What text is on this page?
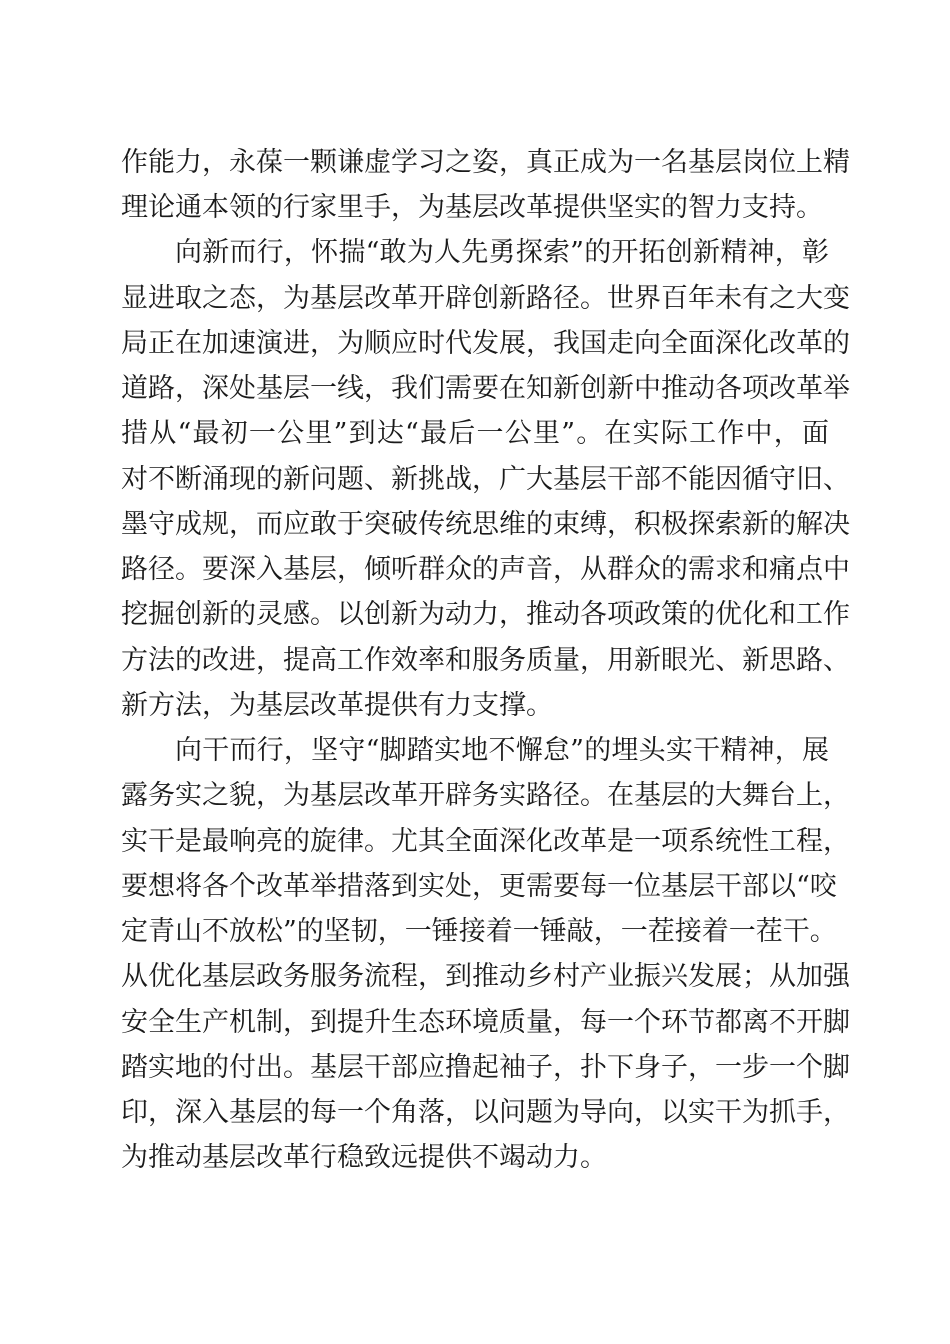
作能力，永葆一颗谦虚学习之姿，真正成为一名基层岗位上精

理论通本领的行家里手，为基层改革提供坚实的智力支持。

向新而行，怀揣“敢为人先勇探索”的开拓创新精神，彰

显进取之态，为基层改革开辟创新路径。世界百年未有之大变

局正在加速演进，为顺应时代发展，我国走向全面深化改革的

道路，深处基层一线，我们需要在知新创新中推动各项改革举

措从“最初一公里”到达“最后一公里”。在实际工作中，面

对不断涌现的新问题、新挑战，广大基层干部不能因循守旧、

墨守成规，而应敢于突破传统思维的束缚，积极探索新的解决

路径。要深入基层，倾听群众的声音，从群众的需求和痛点中

挖掘创新的灵感。以创新为动力，推动各项政策的优化和工作

方法的改进，提高工作效率和服务质量，用新眼光、新思路、

新方法，为基层改革提供有力支撑。

向干而行，坚守“脚踏实地不懈怠”的埋头实干精神，展

露务实之貌，为基层改革开辟务实路径。在基层的大舞台上，

实干是最响亮的旋律。尤其全面深化改革是一项系统性工程，

要想将各个改革举措落到实处，更需要每一位基层干部以“咬

定青山不放松”的坚韧，一锤接着一锤敲，一茬接着一茬干。

从优化基层政务服务流程，到推动乡村产业振兴发展；从加强

安全生产机制，到提升生态环境质量，每一个环节都离不开脚

踏实地的付出。基层干部应撸起袖子，扑下身子，一步一个脚

印，深入基层的每一个角落，以问题为导向，以实干为抓手，

为推动基层改革行稳致远提供不竭动力。
